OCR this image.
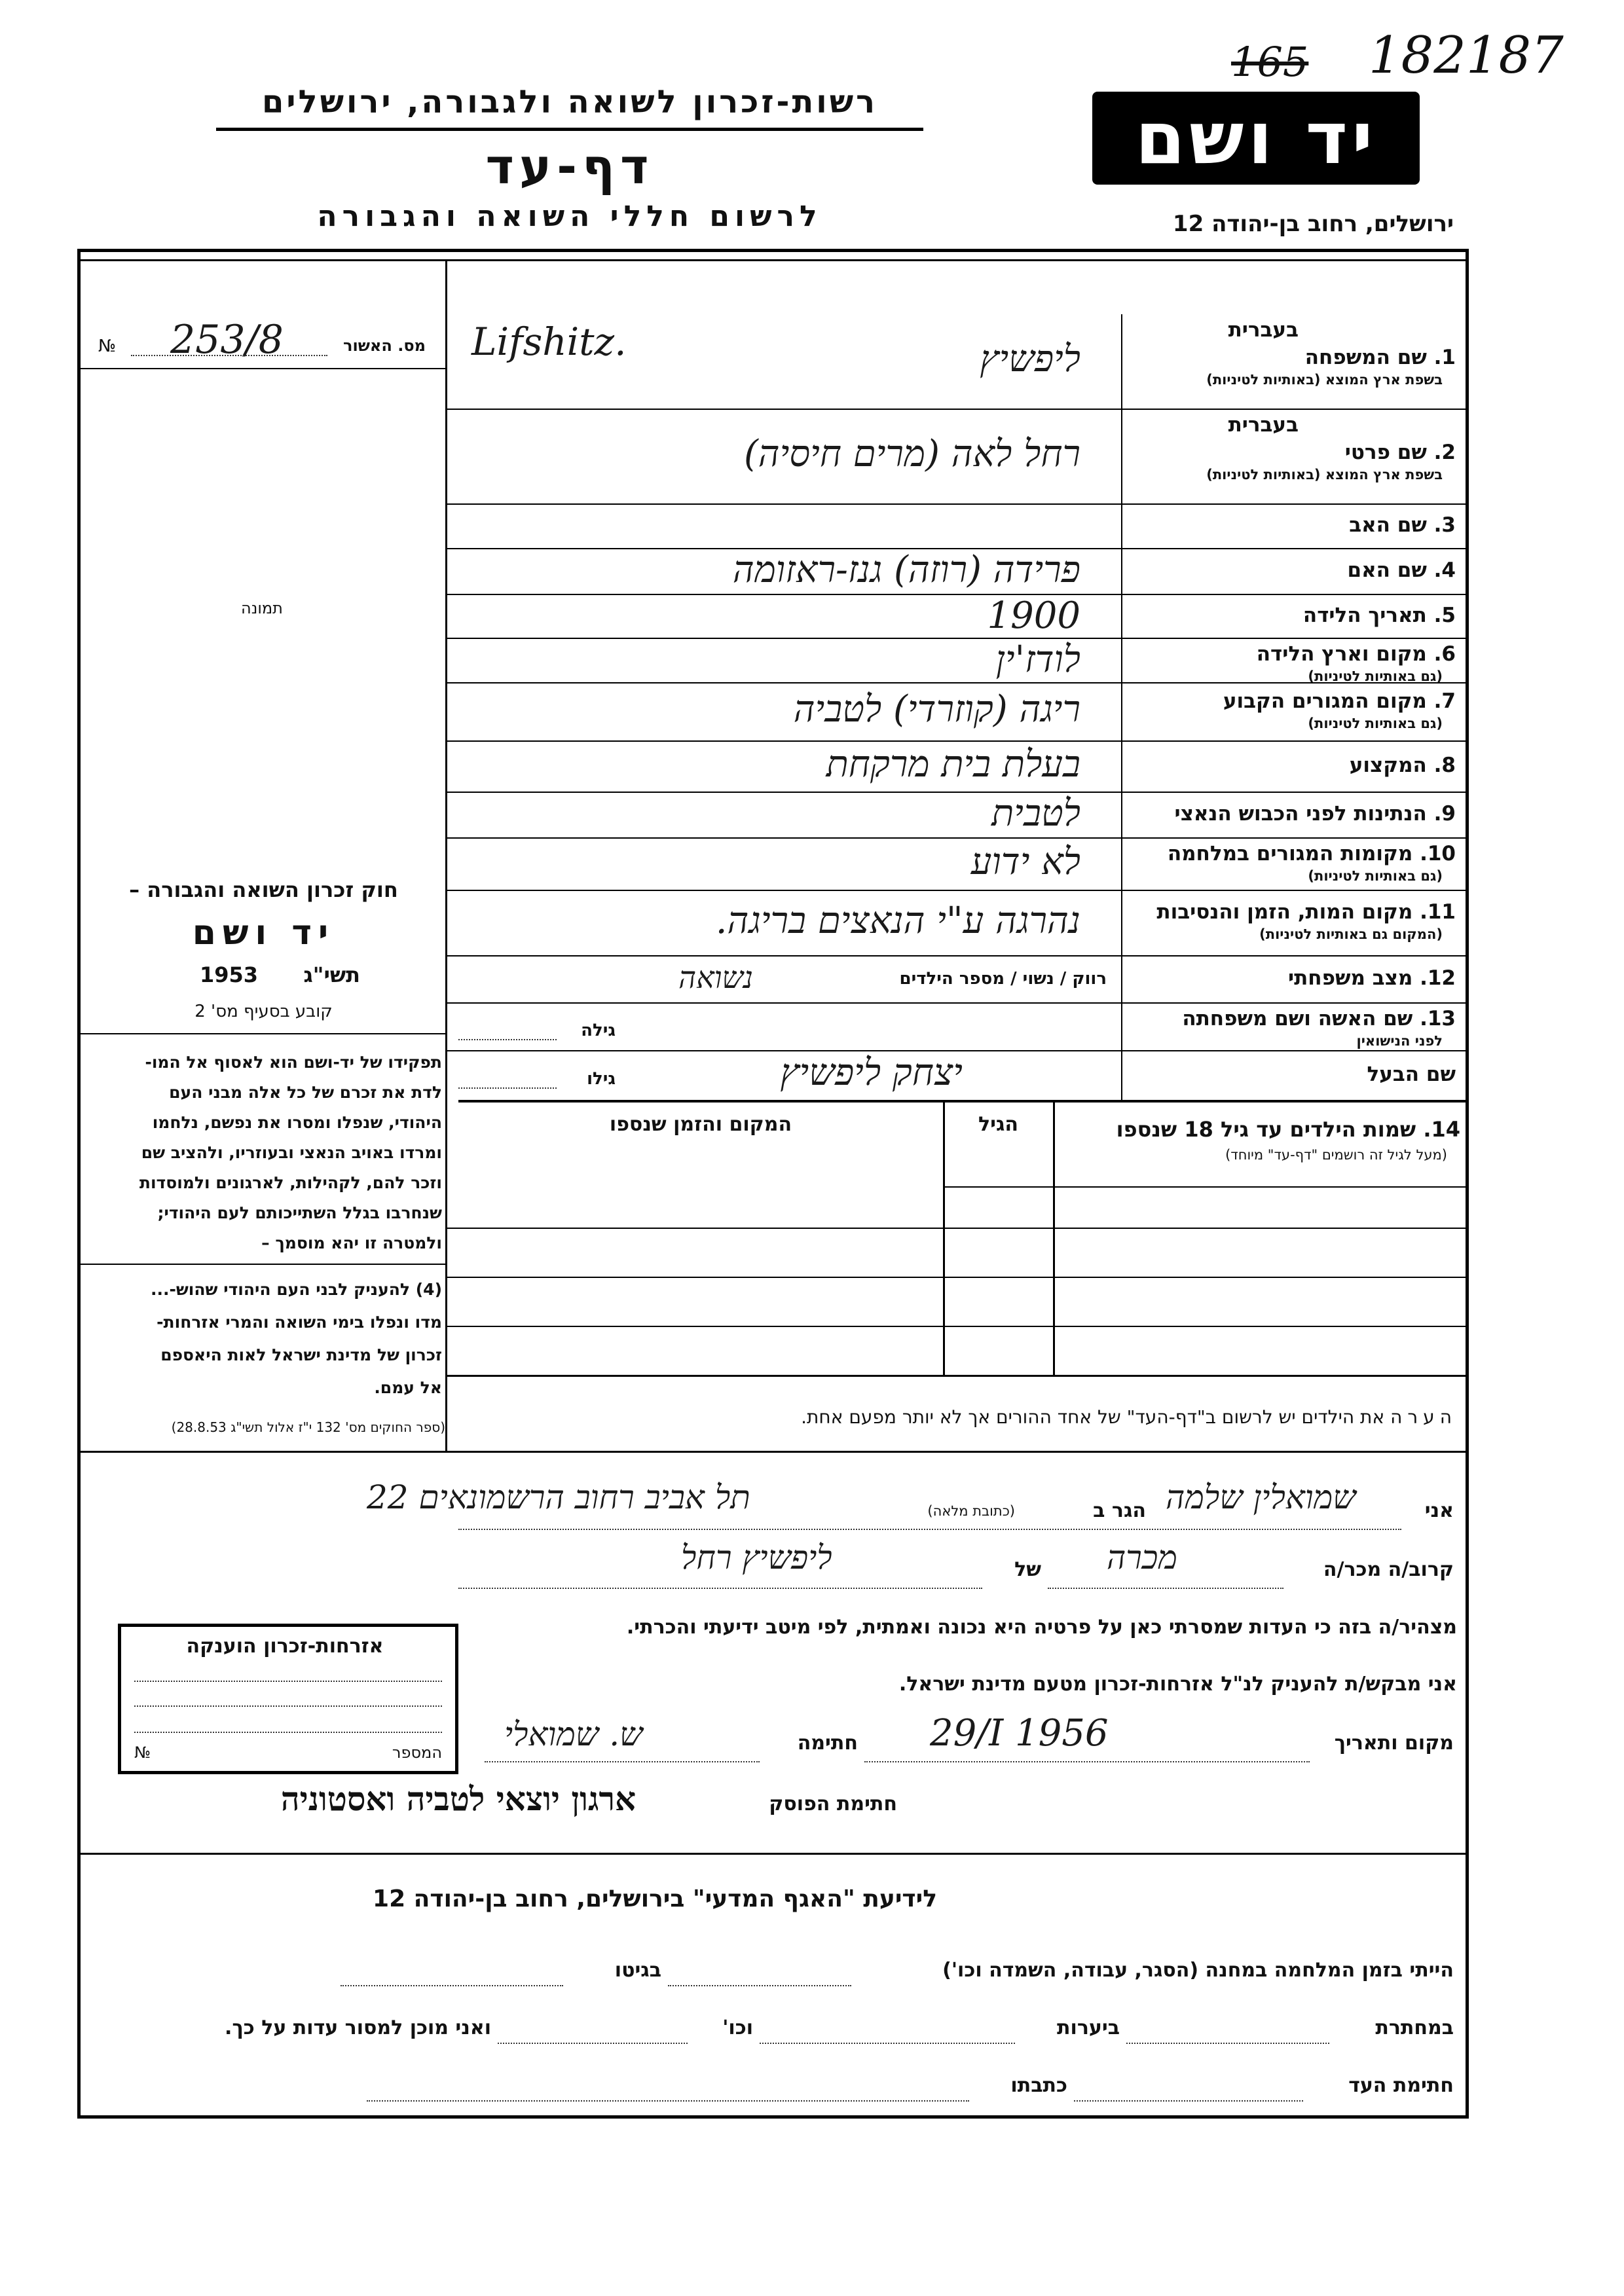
165 182187
יד ושם
רשות-זכרון לשואה ולגבורה, ירושלים
דף-עד
לרשום חללי השואה והגבורה	ירושלים, רחוב בן-יהודה 12
№ 253/8	מס. האשור
תמונה
חוק זכרון השואה והגבורה –
יד ושם
1953 תשי"ג
קובע בסעיף מס' 2
תפקידו של יד-ושם הוא לאסוף אל המו-
לדת את זכרם של כל אלה מבני העם
היהודי, שנפלו ומסרו את נפשם, נלחמו
ומרדו באויב הנאצי ובעוזריו, ולהציב שם
וזכר להם, לקהילות, לארגונים ולמוסדות
שנחרבו בגלל השתייכותם לעם היהודי;
ולמטרה זו יהא מוסמך –
(4) להעניק לבני העם היהודי שהוש-...
מדו ונפלו בימי השואה והמרי אזרחות-
זכרון של מדינת ישראל לאות היאספם
אל עמם.
(ספר החוקים מס' 132 י"ז אלול תשי"ג 28.8.53)
בעברית
1. שם המשפחה
בשפת ארץ המוצא (באותיות לטיניות)
ליפשיץ
Lifshitz.
בעברית
2. שם פרטי
בשפת ארץ המוצא (באותיות לטיניות)
רחל לאה (מרים חיסיה)
3. שם האב
4. שם האם
פרידה (רוזה) גנז-ראזומה
5. תאריך הלידה
1900
6. מקום וארץ הלידה
(גם באותיות לטיניות)
לודז'ין
7. מקום המגורים הקבוע
(גם באותיות לטיניות)
ריגה (קוזרדי) לטביה
8. המקצוע
בעלת בית מרקחת
9. הנתינות לפני הכבוש הנאצי
לטבית
10. מקומות המגורים במלחמה
(גם באותיות לטיניות)
לא ידוע
11. מקום המות, הזמן והנסיבות
(המקום גם באותיות לטיניות)
נהרגה ע"י הנאצים בריגה.
12. מצב משפחתי
רווק / נשוי / מספר הילדים
נשואה
13. שם האשה ושם משפחתה
לפני הנישואין
גילה
שם הבעל
גילו	יצחק ליפשיץ
14. שמות הילדים עד גיל 18 שנספו
(מעל לגיל זה רושמים "דף-עד" מיוחד)
הגיל
המקום והזמן שנספו
הערה את הילדים יש לרשום ב"דף-העד" של אחד ההורים אך לא יותר מפעם אחת.
אני
שמואלין שלמה
הגר ב
(כתובת מלאה)
תל אביב רחוב הרשמונאים 22
קרוב/ה מכר/ה
מכרה
של
ליפשיץ רחל
מצהיר/ה בזה כי העדות שמסרתי כאן על פרטיה היא נכונה ואמתית, לפי מיטב ידיעתי והכרתי.
אני מבקש/ת להעניק לנ"ל אזרחות-זכרון מטעם מדינת ישראל.
מקום ותאריך
29/I 1956
חתימה
ש. שמואלי
חתימת הפוסק
ארגון יוצאי לטביה ואסטוניה
אזרחות-זכרון הוענקה
№	המספר
לידיעת "האגף המדעי" בירושלים, רחוב בן-יהודה 12
הייתי בזמן המלחמה במחנה (הסגר, עבודה, השמדה וכו')
בגיטו
במחתרת
ביערות
וכו'
ואני מוכן למסור עדות על כך.
חתימת העד
כתבתו
